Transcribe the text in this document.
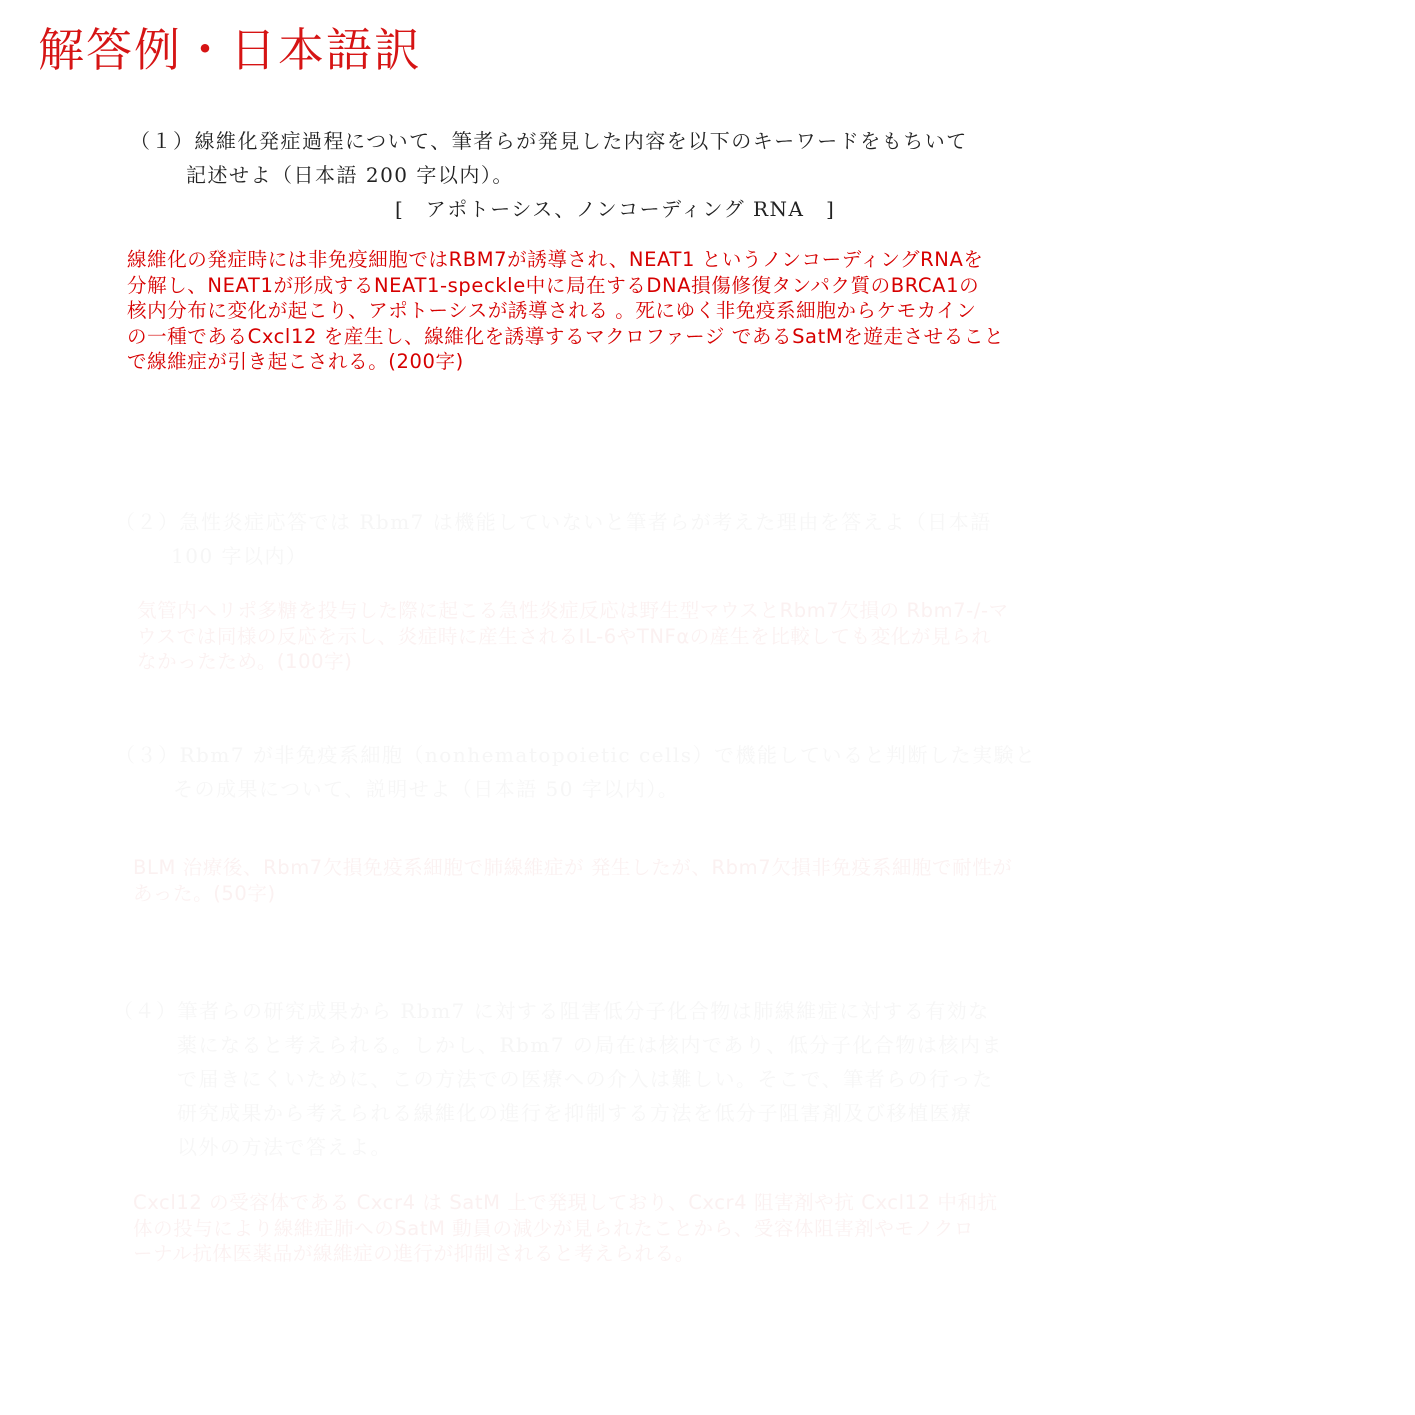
解答例・日本語訳
（１）線維化発症過程について、筆者らが発見した内容を以下のキーワードをもちいて
記述せよ（日本語 200 字以内）。
[　アポトーシス、ノンコーディング RNA　]
線維化の発症時には非免疫細胞ではRBM7が誘導され、NEAT1 というノンコーディングRNAを
分解し、NEAT1が形成するNEAT1-speckle中に局在するDNA損傷修復タンパク質のBRCA1の
核内分布に変化が起こり、アポトーシスが誘導される 。死にゆく非免疫系細胞からケモカイン
の一種であるCxcl12 を産生し、線維化を誘導するマクロファージ であるSatMを遊走させること
で線維症が引き起こされる。(200字)
（２）急性炎症応答では Rbm7 は機能していないと筆者らが考えた理由を答えよ（日本語
100 字以内）
気管内へリポ多糖を投与した際に起こる急性炎症反応は野生型マウスとRbm7欠損の Rbm7-/-マ
ウスでは同様の反応を示し、炎症時に産生されるIL-6やTNFαの産生を比較しても変化が見られ
なかったため。(100字)
（３）Rbm7 が非免疫系細胞（nonhematopoietic cells）で機能していると判断した実験と
その成果について、説明せよ（日本語 50 字以内）。
BLM 治療後、Rbm7欠損免疫系細胞で肺線維症が 発生したが、Rbm7欠損非免疫系細胞で耐性が
あった。(50字)
（４）筆者らの研究成果から Rbm7 に対する阻害低分子化合物は肺線維症に対する有効な
薬になると考えられる。しかし、Rbm7 の局在は核内であり、低分子化合物は核内ま
で届きにくいために、この方法での医療への介入は難しい。そこで、筆者らの行った
研究成果から考えられる線維化の進行を抑制する方法を低分子阻害剤及び移植医療
以外の方法で答えよ。
Cxcl12 の受容体である Cxcr4 は SatM 上で発現しており、Cxcr4 阻害剤や抗 Cxcl12 中和抗
体の投与により線維症肺へのSatM 動員の減少が見られたことから、受容体阻害剤やモノクロ
ーナル抗体医薬品が線維症の進行が抑制されると考えられる。
